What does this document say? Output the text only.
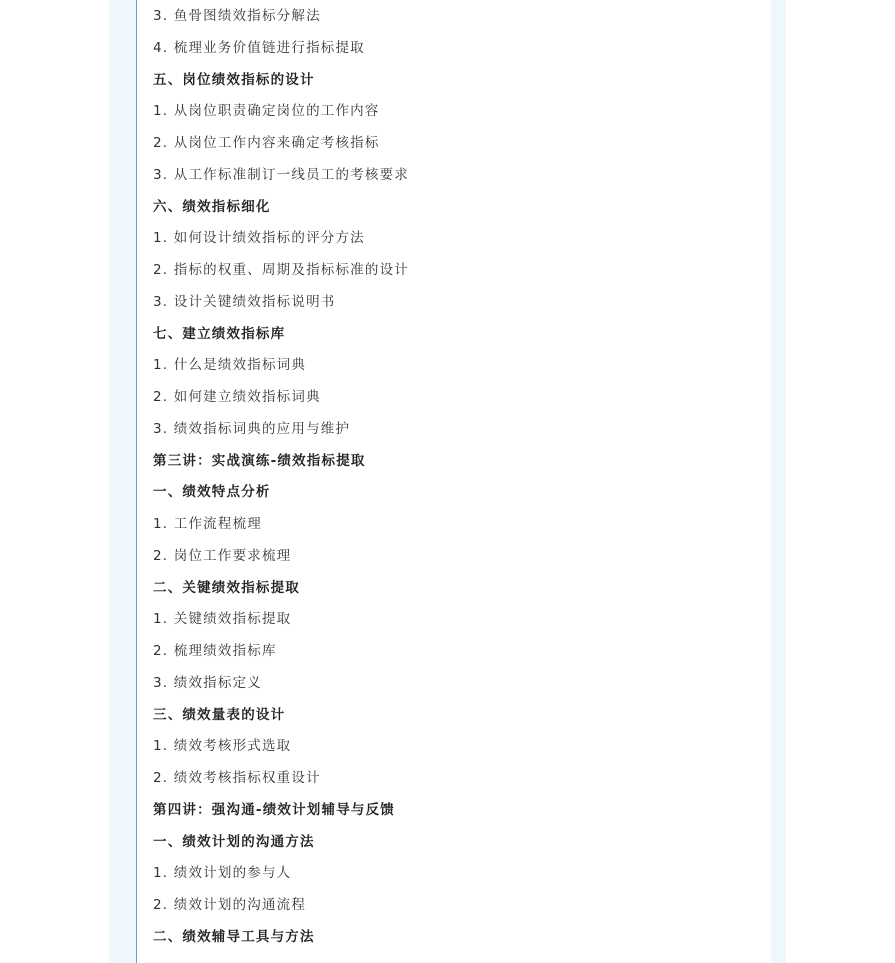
3. 鱼骨图绩效指标分解法
4. 梳理业务价值链进行指标提取
五、岗位绩效指标的设计
1. 从岗位职责确定岗位的工作内容
2. 从岗位工作内容来确定考核指标
3. 从工作标准制订一线员工的考核要求
六、绩效指标细化
1. 如何设计绩效指标的评分方法
2. 指标的权重、周期及指标标准的设计
3. 设计关键绩效指标说明书
七、建立绩效指标库
1. 什么是绩效指标词典
2. 如何建立绩效指标词典
3. 绩效指标词典的应用与维护
第三讲：实战演练-绩效指标提取
一、绩效特点分析
1. 工作流程梳理
2. 岗位工作要求梳理
二、关键绩效指标提取
1. 关键绩效指标提取
2. 梳理绩效指标库
3. 绩效指标定义
三、绩效量表的设计
1. 绩效考核形式选取
2. 绩效考核指标权重设计
第四讲：强沟通-绩效计划辅导与反馈
一、绩效计划的沟通方法
1. 绩效计划的参与人
2. 绩效计划的沟通流程
二、绩效辅导工具与方法
